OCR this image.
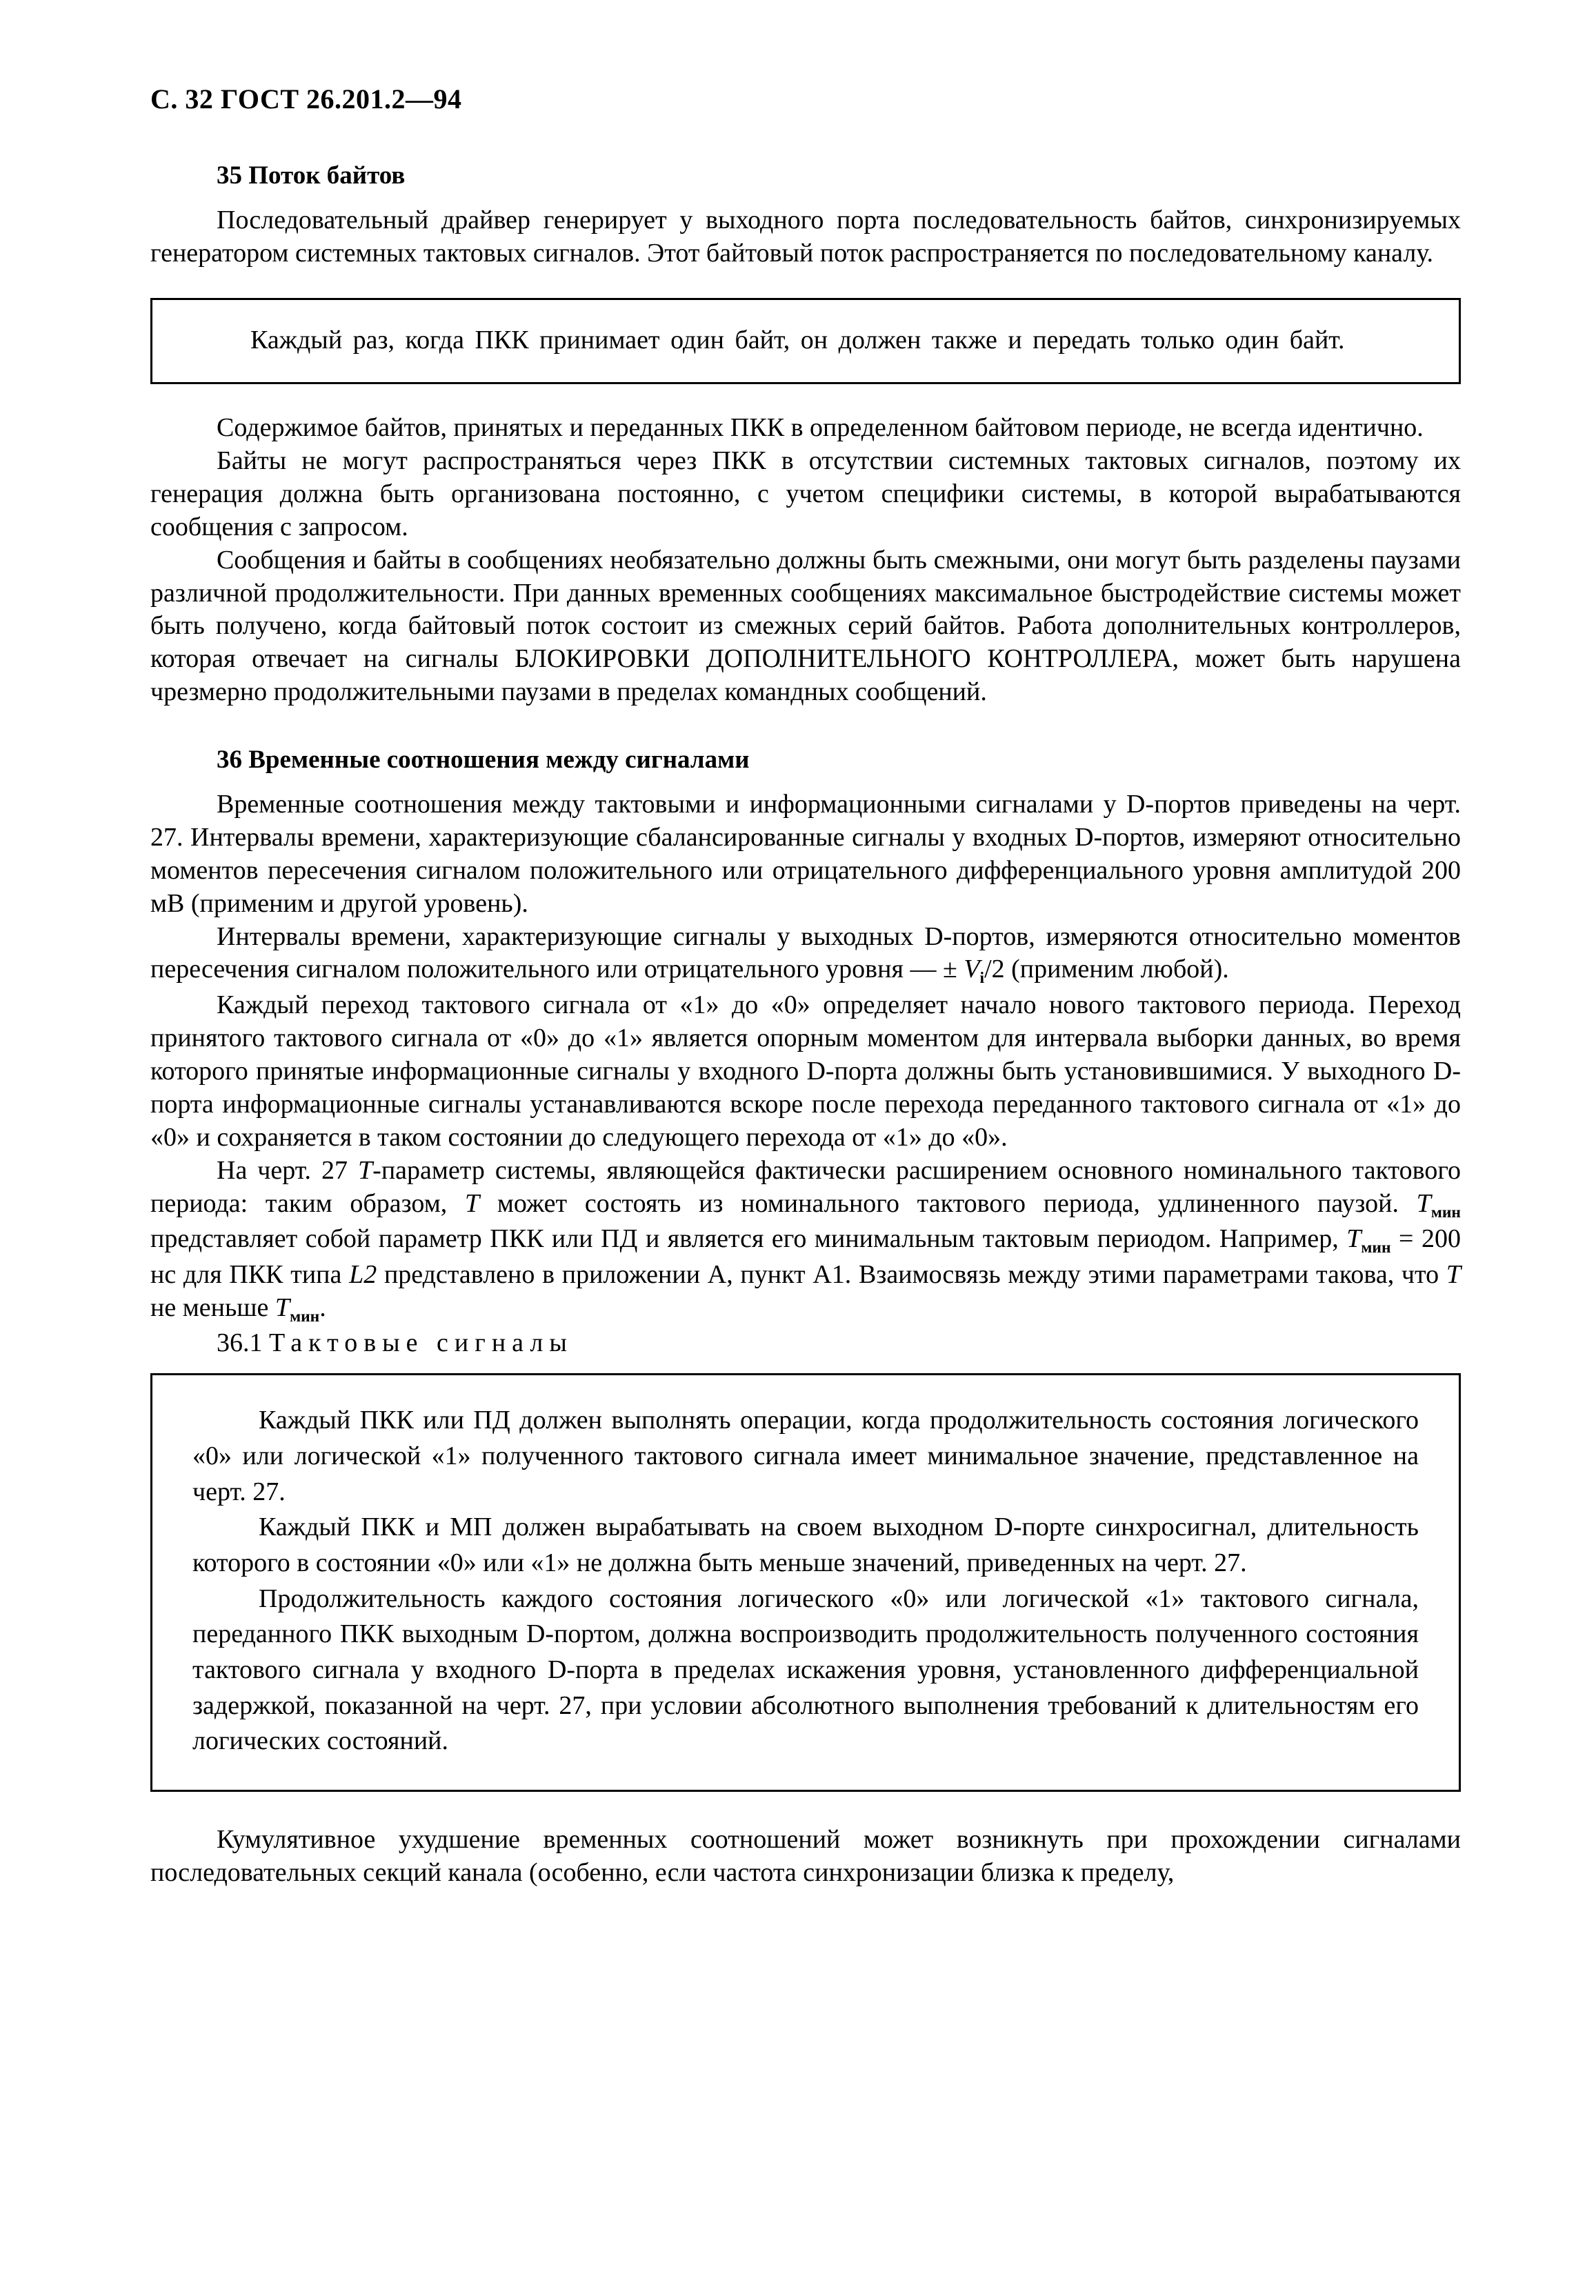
С. 32 ГОСТ 26.201.2—94
35 Поток байтов

Последовательный драйвер генерирует у выходного порта последовательность байтов, синхронизируемых генератором системных тактовых сигналов. Этот байтовый поток распространяется по последовательному каналу.

Каждый раз, когда ПКК принимает один байт, он должен также и передать только один байт.

Содержимое байтов, принятых и переданных ПКК в определенном байтовом периоде, не всегда идентично.

Байты не могут распространяться через ПКК в отсутствии системных тактовых сигналов, поэтому их генерация должна быть организована постоянно, с учетом специфики системы, в которой вырабатываются сообщения с запросом.

Сообщения и байты в сообщениях необязательно должны быть смежными, они могут быть разделены паузами различной продолжительности. При данных временных сообщениях максимальное быстродействие системы может быть получено, когда байтовый поток состоит из смежных серий байтов. Работа дополнительных контроллеров, которая отвечает на сигналы БЛОКИРОВКИ ДОПОЛНИТЕЛЬНОГО КОНТРОЛЛЕРА, может быть нарушена чрезмерно продолжительными паузами в пределах командных сообщений.

36 Временные соотношения между сигналами

Временные соотношения между тактовыми и информационными сигналами у D-портов приведены на черт. 27. Интервалы времени, характеризующие сбалансированные сигналы у входных D-портов, измеряют относительно моментов пересечения сигналом положительного или отрицательного дифференциального уровня амплитудой 200 мВ (применим и другой уровень).

Интервалы времени, характеризующие сигналы у выходных D-портов, измеряются относительно моментов пересечения сигналом положительного или отрицательного уровня — ± $V_i/2$ (применим любой).

Каждый переход тактового сигнала от «1» до «0» определяет начало нового тактового периода. Переход принятого тактового сигнала от «0» до «1» является опорным моментом для интервала выборки данных, во время которого принятые информационные сигналы у входного D-порта должны быть установившимися. У выходного D-порта информационные сигналы устанавливаются вскоре после перехода переданного тактового сигнала от «1» до «0» и сохраняется в таком состоянии до следующего перехода от «1» до «0».

На черт. 27 T-параметр системы, являющейся фактически расширением основного номинального тактового периода: таким образом, T может состоять из номинального тактового периода, удлиненного паузой. $T_{мин}$ представляет собой параметр ПКК или ПД и является его минимальным тактовым периодом. Например, $T_{мин} = 200$ нс для ПКК типа L2 представлено в приложении А, пункт А1. Взаимосвязь между этими параметрами такова, что T не меньше $T_{мин}$.

36.1 Тактовые сигналы

Каждый ПКК или ПД должен выполнять операции, когда продолжительность состояния логического «0» или логической «1» полученного тактового сигнала имеет минимальное значение, представленное на черт. 27.

Каждый ПКК и МП должен вырабатывать на своем выходном D-порте синхросигнал, длительность которого в состоянии «0» или «1» не должна быть меньше значений, приведенных на черт. 27.

Продолжительность каждого состояния логического «0» или логической «1» тактового сигнала, переданного ПКК выходным D-портом, должна воспроизводить продолжительность полученного состояния тактового сигнала у входного D-порта в пределах искажения уровня, установленного дифференциальной задержкой, показанной на черт. 27, при условии абсолютного выполнения требований к длительностям его логических состояний.

Кумулятивное ухудшение временных соотношений может возникнуть при прохождении сигналами последовательных секций канала (особенно, если частота синхронизации близка к пределу,
